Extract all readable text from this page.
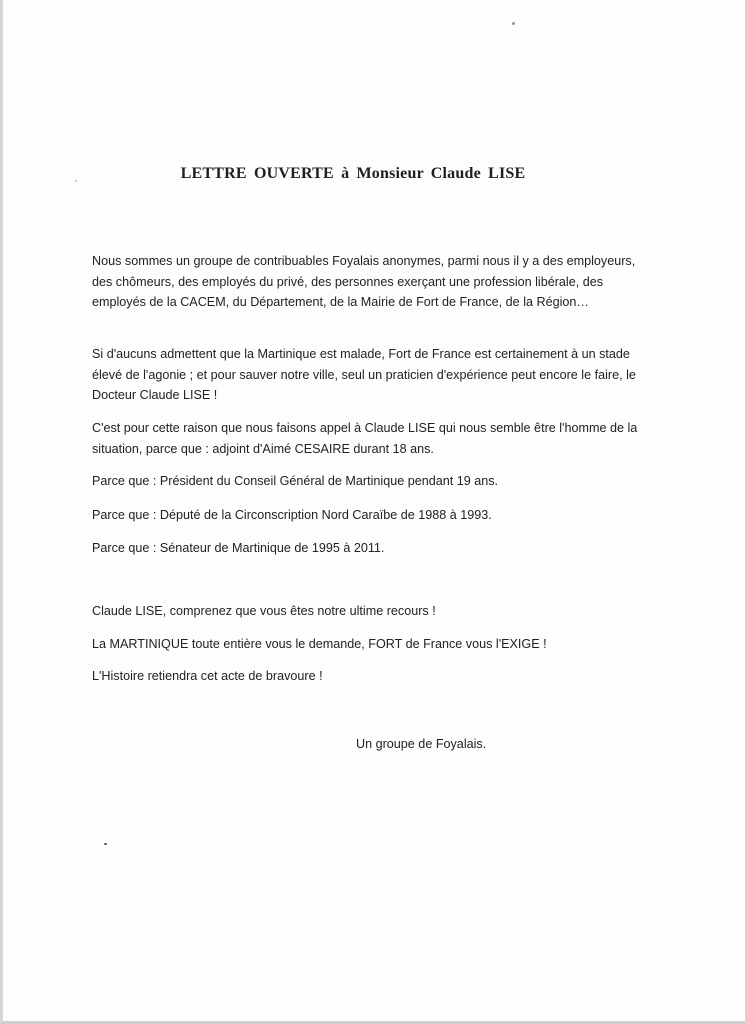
LETTRE OUVERTE à Monsieur Claude LISE

Nous sommes un groupe de contribuables Foyalais anonymes, parmi nous il y a des employeurs, des chômeurs, des employés du privé, des personnes exerçant une profession libérale, des employés de la CACEM, du Département, de la Mairie de Fort de France, de la Région…

Si d'aucuns admettent que la Martinique est malade, Fort de France est certainement à un stade élevé de l'agonie ; et pour sauver notre ville, seul un praticien d'expérience peut encore le faire, le Docteur Claude LISE !

C'est pour cette raison que nous faisons appel à Claude LISE qui nous semble être l'homme de la situation, parce que : adjoint d'Aimé CESAIRE durant 18 ans.

Parce que : Président du Conseil Général de Martinique pendant 19 ans.

Parce que : Député de la Circonscription Nord Caraïbe de 1988 à 1993.

Parce que : Sénateur de Martinique de 1995 à 2011.

Claude LISE, comprenez que vous êtes notre ultime recours !

La MARTINIQUE toute entière vous le demande, FORT de France vous l'EXIGE !

L'Histoire retiendra cet acte de bravoure !

Un groupe de Foyalais.
